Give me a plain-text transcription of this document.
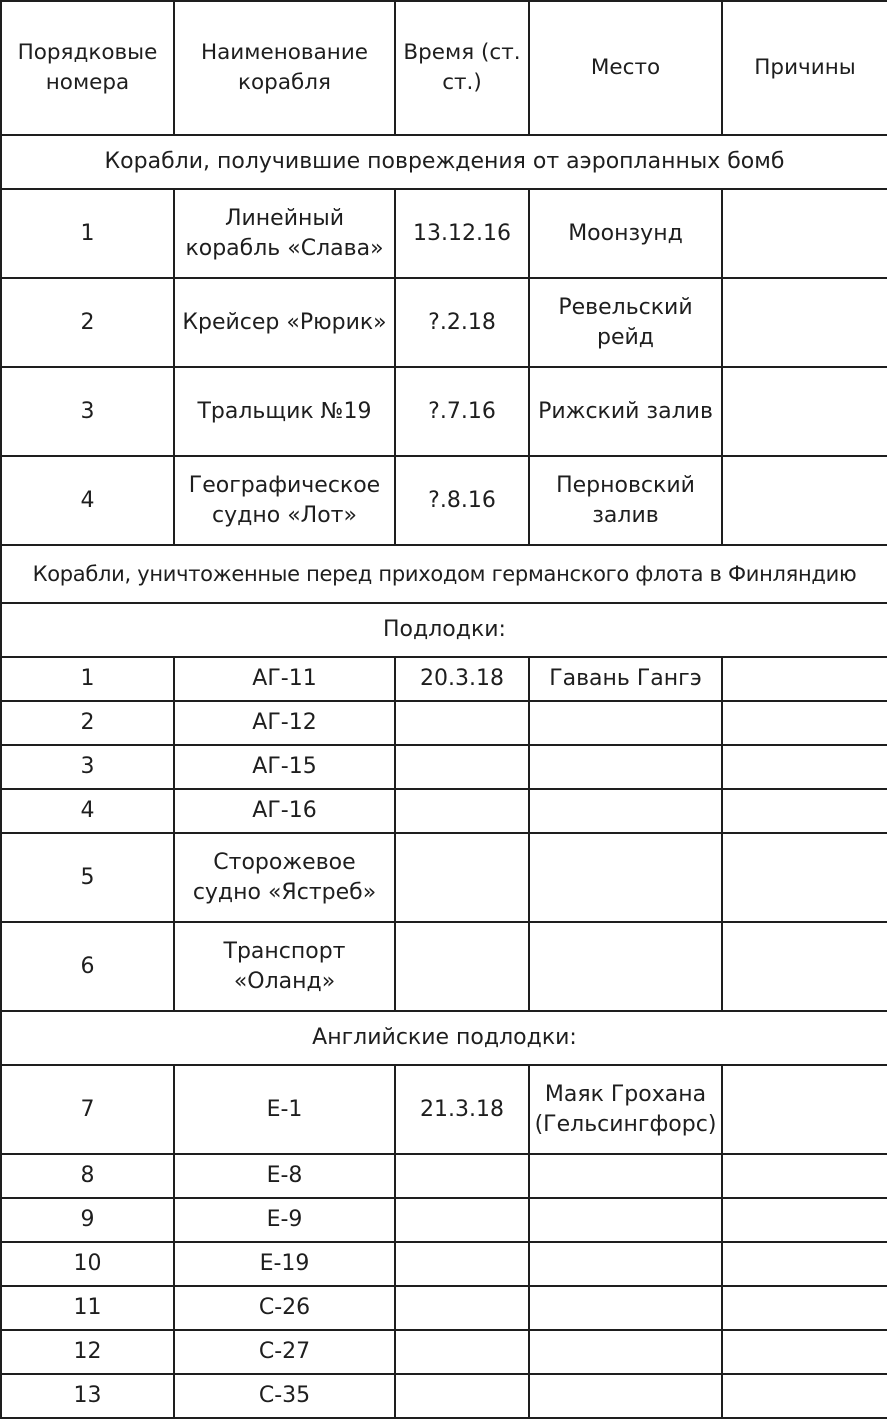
Порядковые номера	Наименование корабля	Время (ст. ст.)	Место	Причины
Корабли, получившие повреждения от аэропланных бомб				
1	Линейный корабль «Слава»	13.12.16	Моонзунд	
2	Крейсер «Рюрик»	?.2.18	Ревельский рейд	
3	Тральщик №19	?.7.16	Рижский залив	
4	Географическое судно «Лот»	?.8.16	Перновский залив	
Корабли, уничтоженные перед приходом германского флота в Финляндию				
Подлодки:				
1	АГ-11	20.3.18	Гавань Гангэ	
2	АГ-12			
3	АГ-15			
4	АГ-16			
5	Сторожевое судно «Ястреб»			
6	Транспорт «Оланд»			
Английские подлодки:				
7	Е-1	21.3.18	Маяк Грохана (Гельсингфорс)	
8	Е-8			
9	Е-9			
10	Е-19			
11	С-26			
12	С-27			
13	С-35			
